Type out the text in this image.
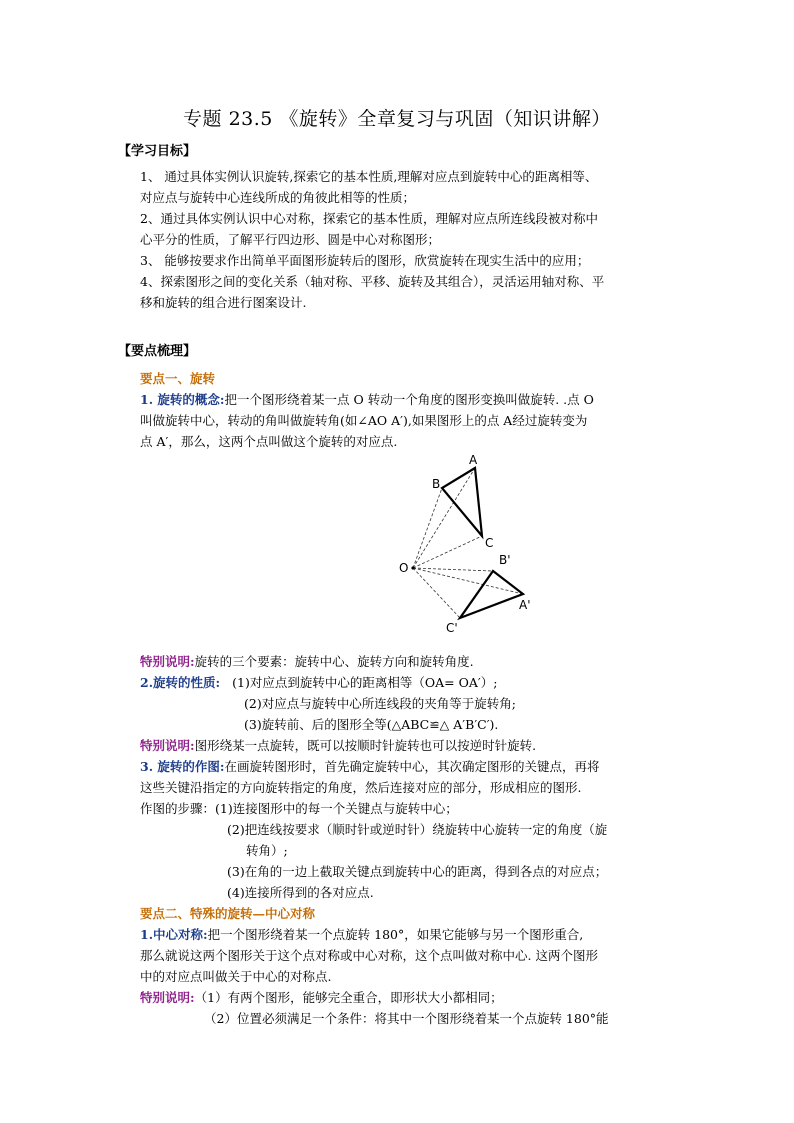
专题 23.5 《旋转》全章复习与巩固（知识讲解）
【学习目标】
1、 通过具体实例认识旋转,探索它的基本性质,理解对应点到旋转中心的距离相等、
对应点与旋转中心连线所成的角彼此相等的性质；
2、通过具体实例认识中心对称，探索它的基本性质，理解对应点所连线段被对称中
心平分的性质，了解平行四边形、圆是中心对称图形；
3、 能够按要求作出简单平面图形旋转后的图形，欣赏旋转在现实生活中的应用；
4、探索图形之间的变化关系（轴对称、平移、旋转及其组合），灵活运用轴对称、平
移和旋转的组合进行图案设计.
【要点梳理】
要点一、旋转
1. 旋转的概念:把一个图形绕着某一点 O 转动一个角度的图形变换叫做旋转. .点 O
叫做旋转中心，转动的角叫做旋转角(如∠AO A′),如果图形上的点 A经过旋转变为
点 A′，那么，这两个点叫做这个旋转的对应点.
A
B
C
O
B'
A'
C'
特别说明:旋转的三个要素：旋转中心、旋转方向和旋转角度.
2.旋转的性质: (1)对应点到旋转中心的距离相等（OA= OA′）;
(2)对应点与旋转中心所连线段的夹角等于旋转角;
(3)旋转前、后的图形全等(△ABC≌△ A′B′C′).
特别说明:图形绕某一点旋转，既可以按顺时针旋转也可以按逆时针旋转.
3. 旋转的作图:在画旋转图形时，首先确定旋转中心，其次确定图形的关键点，再将
这些关键沿指定的方向旋转指定的角度，然后连接对应的部分，形成相应的图形.
作图的步骤：(1)连接图形中的每一个关键点与旋转中心；
(2)把连线按要求（顺时针或逆时针）绕旋转中心旋转一定的角度（旋
转角）;
(3)在角的一边上截取关键点到旋转中心的距离，得到各点的对应点；
(4)连接所得到的各对应点.
要点二、特殊的旋转—中心对称
1.中心对称:把一个图形绕着某一个点旋转 180°，如果它能够与另一个图形重合,
那么就说这两个图形关于这个点对称或中心对称，这个点叫做对称中心. 这两个图形
中的对应点叫做关于中心的对称点.
特别说明:（1）有两个图形，能够完全重合，即形状大小都相同；
（2）位置必须满足一个条件：将其中一个图形绕着某一个点旋转 180°能
